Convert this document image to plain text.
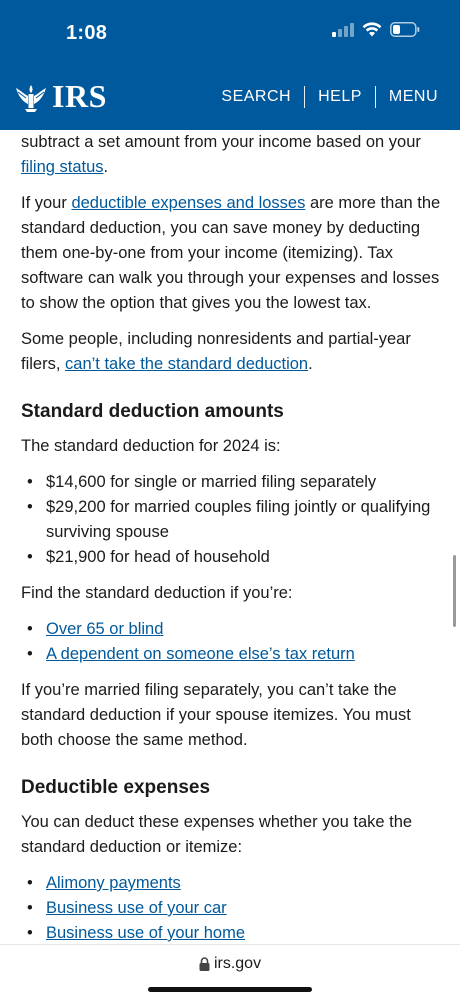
1:08
IRS	SEARCH HELP MENU

subtract a set amount from your income based on your filing status.

If your deductible expenses and losses are more than the standard deduction, you can save money by deducting them one-by-one from your income (itemizing). Tax software can walk you through your expenses and losses to show the option that gives you the lowest tax.

Some people, including nonresidents and partial-year filers, can’t take the standard deduction.

Standard deduction amounts

The standard deduction for 2024 is:

• $14,600 for single or married filing separately
• $29,200 for married couples filing jointly or qualifying surviving spouse
• $21,900 for head of household

Find the standard deduction if you’re:

• Over 65 or blind
• A dependent on someone else’s tax return

If you’re married filing separately, you can’t take the standard deduction if your spouse itemizes. You must both choose the same method.

Deductible expenses

You can deduct these expenses whether you take the standard deduction or itemize:

• Alimony payments
• Business use of your car
• Business use of your home
irs.gov
